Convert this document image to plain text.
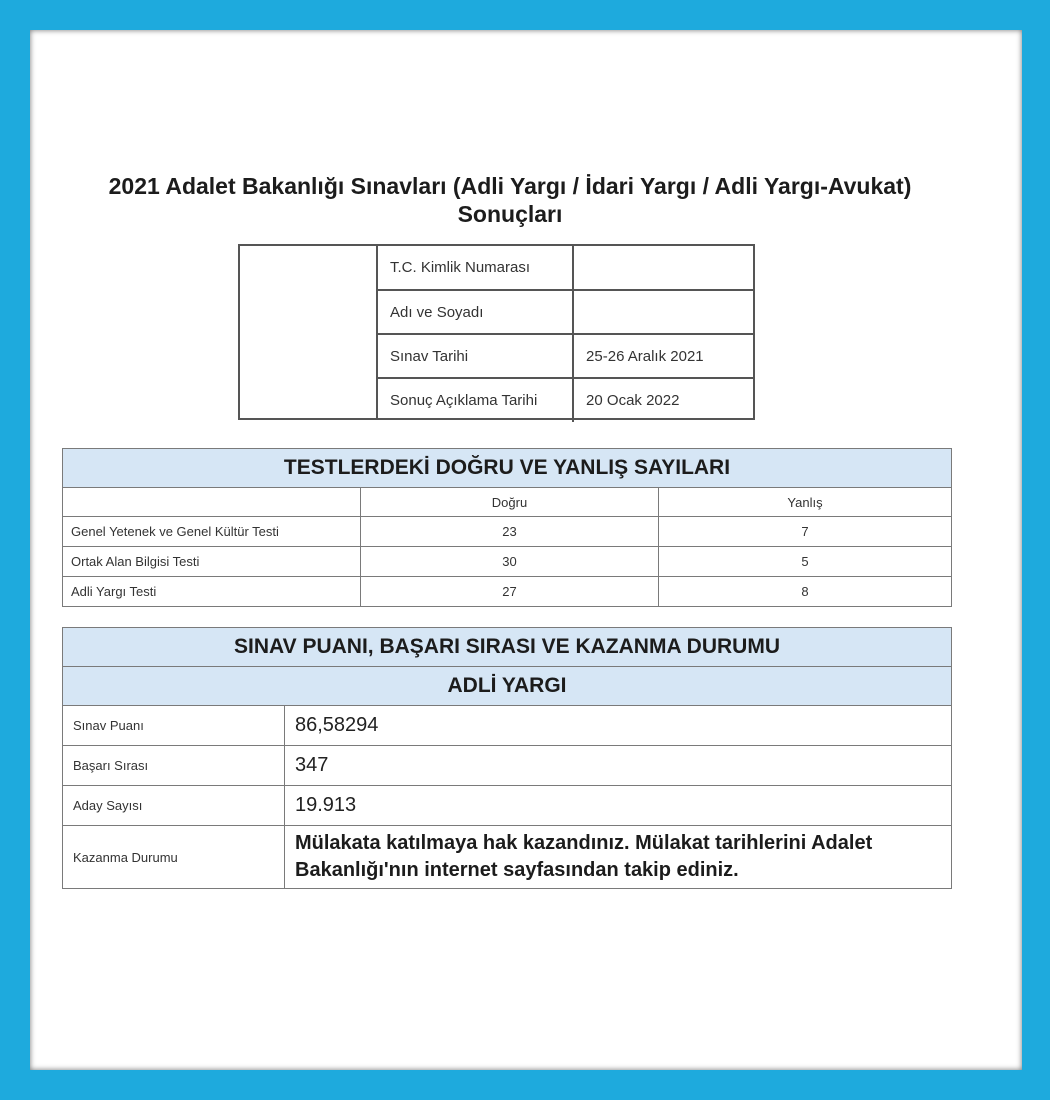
2021 Adalet Bakanlığı Sınavları (Adli Yargı / İdari Yargı / Adli Yargı-Avukat) Sonuçları
T.C. Kimlik Numarası	
Adı ve Soyadı	
Sınav Tarihi	25-26 Aralık 2021
Sonuç Açıklama Tarihi	20 Ocak 2022
TESTLERDEKİ DOĞRU VE YANLIŞ SAYILARI		
	Doğru	Yanlış
Genel Yetenek ve Genel Kültür Testi	23	7
Ortak Alan Bilgisi Testi	30	5
Adli Yargı Testi	27	8
SINAV PUANI, BAŞARI SIRASI VE KAZANMA DURUMU	
ADLİ YARGI	
Sınav Puanı	86,58294
Başarı Sırası	347
Aday Sayısı	19.913
Kazanma Durumu	Mülakata katılmaya hak kazandınız. Mülakat tarihlerini Adalet Bakanlığı'nın internet sayfasından takip ediniz.
